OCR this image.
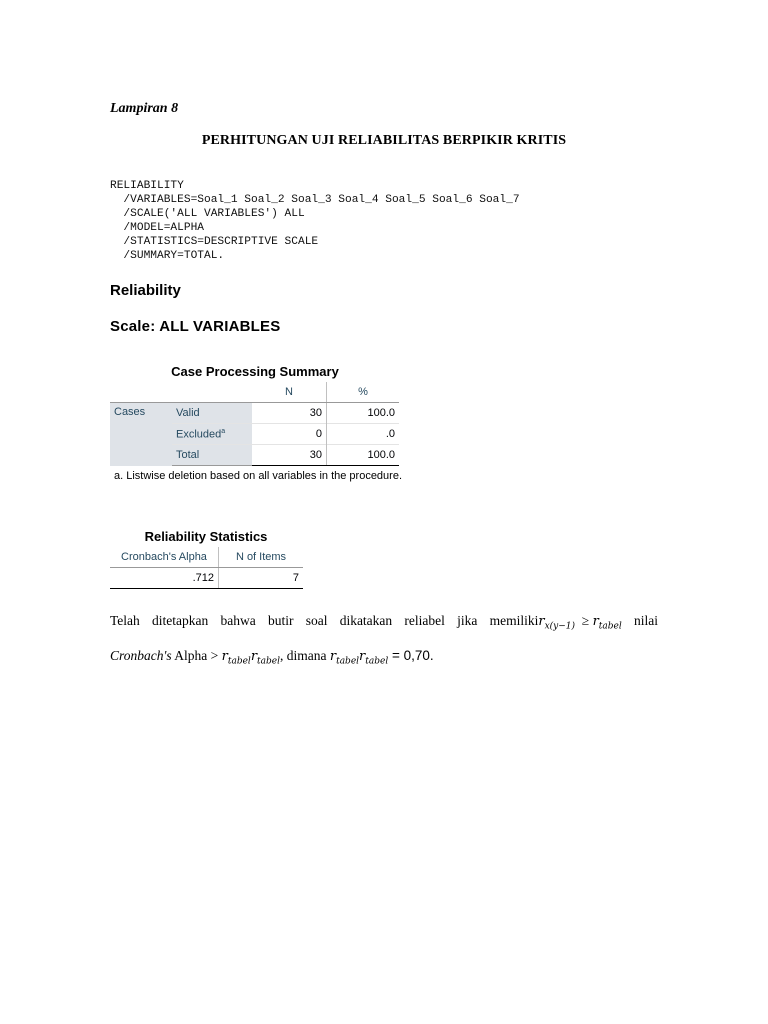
Lampiran 8
PERHITUNGAN UJI RELIABILITAS BERPIKIR KRITIS
RELIABILITY
/VARIABLES=Soal_1 Soal_2 Soal_3 Soal_4 Soal_5 Soal_6 Soal_7
/SCALE('ALL VARIABLES') ALL
/MODEL=ALPHA
/STATISTICS=DESCRIPTIVE SCALE
/SUMMARY=TOTAL.
Reliability
Scale: ALL VARIABLES
Case Processing Summary
		N	%
Cases	Valid	30	100.0
	Excluded$^a$	0	.0
	Total	30	100.0
a. Listwise deletion based on all variables in the procedure.
Reliability Statistics
Cronbach's Alpha	N of Items
.712	7
Telah ditetapkan bahwa butir soal dikatakan reliabel jika memilikir$_{x(y-1)}$ ≥ $r_{tabel}$ nilai
Cronbach's Alpha > $r_{tabel}r_{tabel}$, dimana $r_{tabel}r_{tabel} = 0,70$.
